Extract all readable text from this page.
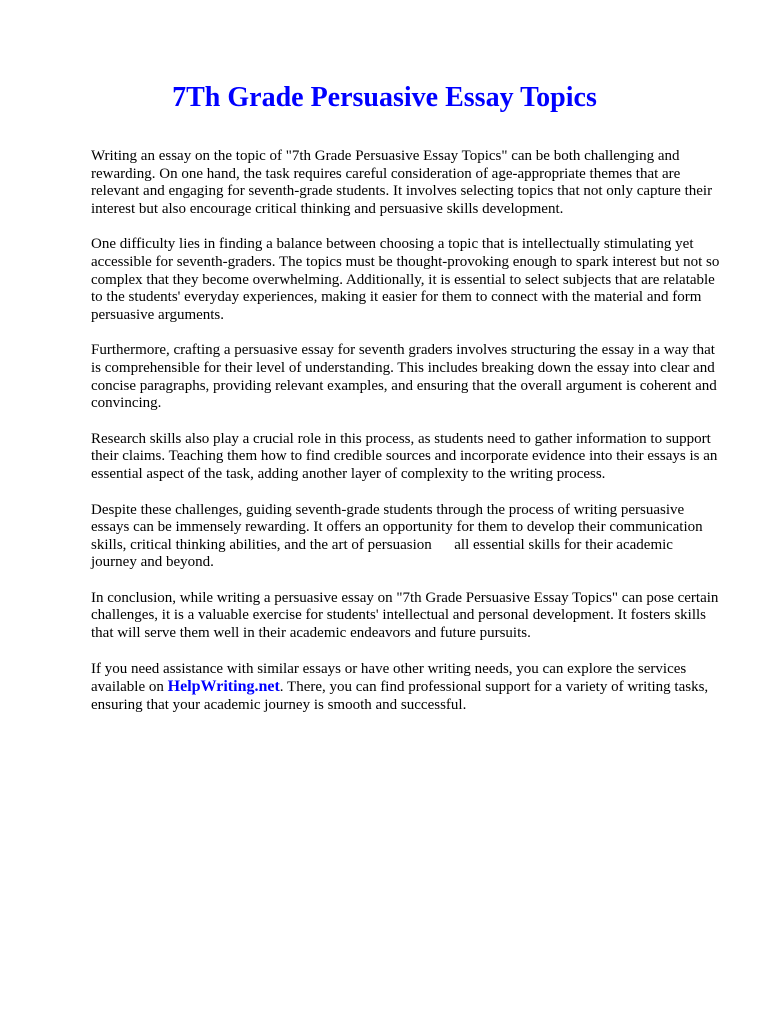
7Th Grade Persuasive Essay Topics

Writing an essay on the topic of "7th Grade Persuasive Essay Topics" can be both challenging and rewarding. On one hand, the task requires careful consideration of age-appropriate themes that are relevant and engaging for seventh-grade students. It involves selecting topics that not only capture their interest but also encourage critical thinking and persuasive skills development.

One difficulty lies in finding a balance between choosing a topic that is intellectually stimulating yet accessible for seventh-graders. The topics must be thought-provoking enough to spark interest but not so complex that they become overwhelming. Additionally, it is essential to select subjects that are relatable to the students' everyday experiences, making it easier for them to connect with the material and form persuasive arguments.

Furthermore, crafting a persuasive essay for seventh graders involves structuring the essay in a way that is comprehensible for their level of understanding. This includes breaking down the essay into clear and concise paragraphs, providing relevant examples, and ensuring that the overall argument is coherent and convincing.

Research skills also play a crucial role in this process, as students need to gather information to support their claims. Teaching them how to find credible sources and incorporate evidence into their essays is an essential aspect of the task, adding another layer of complexity to the writing process.

Despite these challenges, guiding seventh-grade students through the process of writing persuasive essays can be immensely rewarding. It offers an opportunity for them to develop their communication skills, critical thinking abilities, and the art of persuasion   all essential skills for their academic journey and beyond.

In conclusion, while writing a persuasive essay on "7th Grade Persuasive Essay Topics" can pose certain challenges, it is a valuable exercise for students' intellectual and personal development. It fosters skills that will serve them well in their academic endeavors and future pursuits.

If you need assistance with similar essays or have other writing needs, you can explore the services available on HelpWriting.net. There, you can find professional support for a variety of writing tasks, ensuring that your academic journey is smooth and successful.
